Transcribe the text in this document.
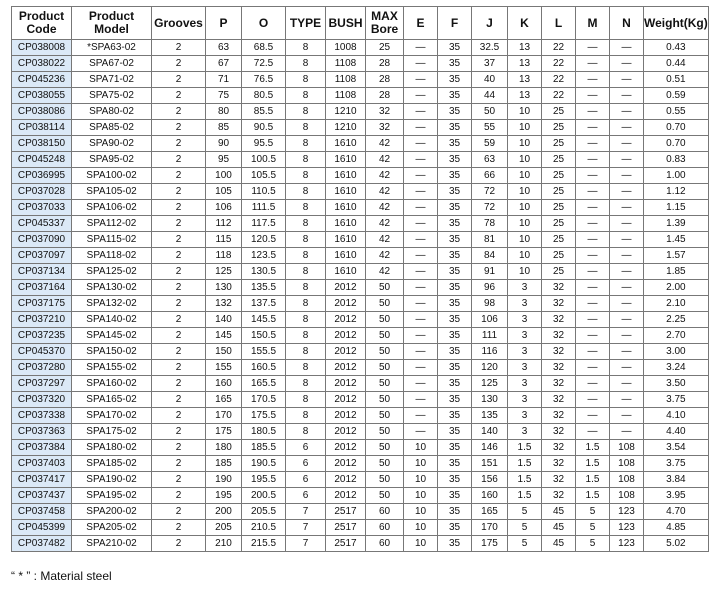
Product Code	Product Model	Grooves	P	O	TYPE	BUSH	MAX Bore	E	F	J	K	L	M	N	Weight(Kg)
CP038008	*SPA63-02	2	63	68.5	8	1008	25	—	35	32.5	13	22	—	—	0.43
CP038022	SPA67-02	2	67	72.5	8	1108	28	—	35	37	13	22	—	—	0.44
CP045236	SPA71-02	2	71	76.5	8	1108	28	—	35	40	13	22	—	—	0.51
CP038055	SPA75-02	2	75	80.5	8	1108	28	—	35	44	13	22	—	—	0.59
CP038086	SPA80-02	2	80	85.5	8	1210	32	—	35	50	10	25	—	—	0.55
CP038114	SPA85-02	2	85	90.5	8	1210	32	—	35	55	10	25	—	—	0.70
CP038150	SPA90-02	2	90	95.5	8	1610	42	—	35	59	10	25	—	—	0.70
CP045248	SPA95-02	2	95	100.5	8	1610	42	—	35	63	10	25	—	—	0.83
CP036995	SPA100-02	2	100	105.5	8	1610	42	—	35	66	10	25	—	—	1.00
CP037028	SPA105-02	2	105	110.5	8	1610	42	—	35	72	10	25	—	—	1.12
CP037033	SPA106-02	2	106	111.5	8	1610	42	—	35	72	10	25	—	—	1.15
CP045337	SPA112-02	2	112	117.5	8	1610	42	—	35	78	10	25	—	—	1.39
CP037090	SPA115-02	2	115	120.5	8	1610	42	—	35	81	10	25	—	—	1.45
CP037097	SPA118-02	2	118	123.5	8	1610	42	—	35	84	10	25	—	—	1.57
CP037134	SPA125-02	2	125	130.5	8	1610	42	—	35	91	10	25	—	—	1.85
CP037164	SPA130-02	2	130	135.5	8	2012	50	—	35	96	3	32	—	—	2.00
CP037175	SPA132-02	2	132	137.5	8	2012	50	—	35	98	3	32	—	—	2.10
CP037210	SPA140-02	2	140	145.5	8	2012	50	—	35	106	3	32	—	—	2.25
CP037235	SPA145-02	2	145	150.5	8	2012	50	—	35	111	3	32	—	—	2.70
CP045370	SPA150-02	2	150	155.5	8	2012	50	—	35	116	3	32	—	—	3.00
CP037280	SPA155-02	2	155	160.5	8	2012	50	—	35	120	3	32	—	—	3.24
CP037297	SPA160-02	2	160	165.5	8	2012	50	—	35	125	3	32	—	—	3.50
CP037320	SPA165-02	2	165	170.5	8	2012	50	—	35	130	3	32	—	—	3.75
CP037338	SPA170-02	2	170	175.5	8	2012	50	—	35	135	3	32	—	—	4.10
CP037363	SPA175-02	2	175	180.5	8	2012	50	—	35	140	3	32	—	—	4.40
CP037384	SPA180-02	2	180	185.5	6	2012	50	10	35	146	1.5	32	1.5	108	3.54
CP037403	SPA185-02	2	185	190.5	6	2012	50	10	35	151	1.5	32	1.5	108	3.75
CP037417	SPA190-02	2	190	195.5	6	2012	50	10	35	156	1.5	32	1.5	108	3.84
CP037437	SPA195-02	2	195	200.5	6	2012	50	10	35	160	1.5	32	1.5	108	3.95
CP037458	SPA200-02	2	200	205.5	7	2517	60	10	35	165	5	45	5	123	4.70
CP045399	SPA205-02	2	205	210.5	7	2517	60	10	35	170	5	45	5	123	4.85
CP037482	SPA210-02	2	210	215.5	7	2517	60	10	35	175	5	45	5	123	5.02
“ * ” : Material steel
